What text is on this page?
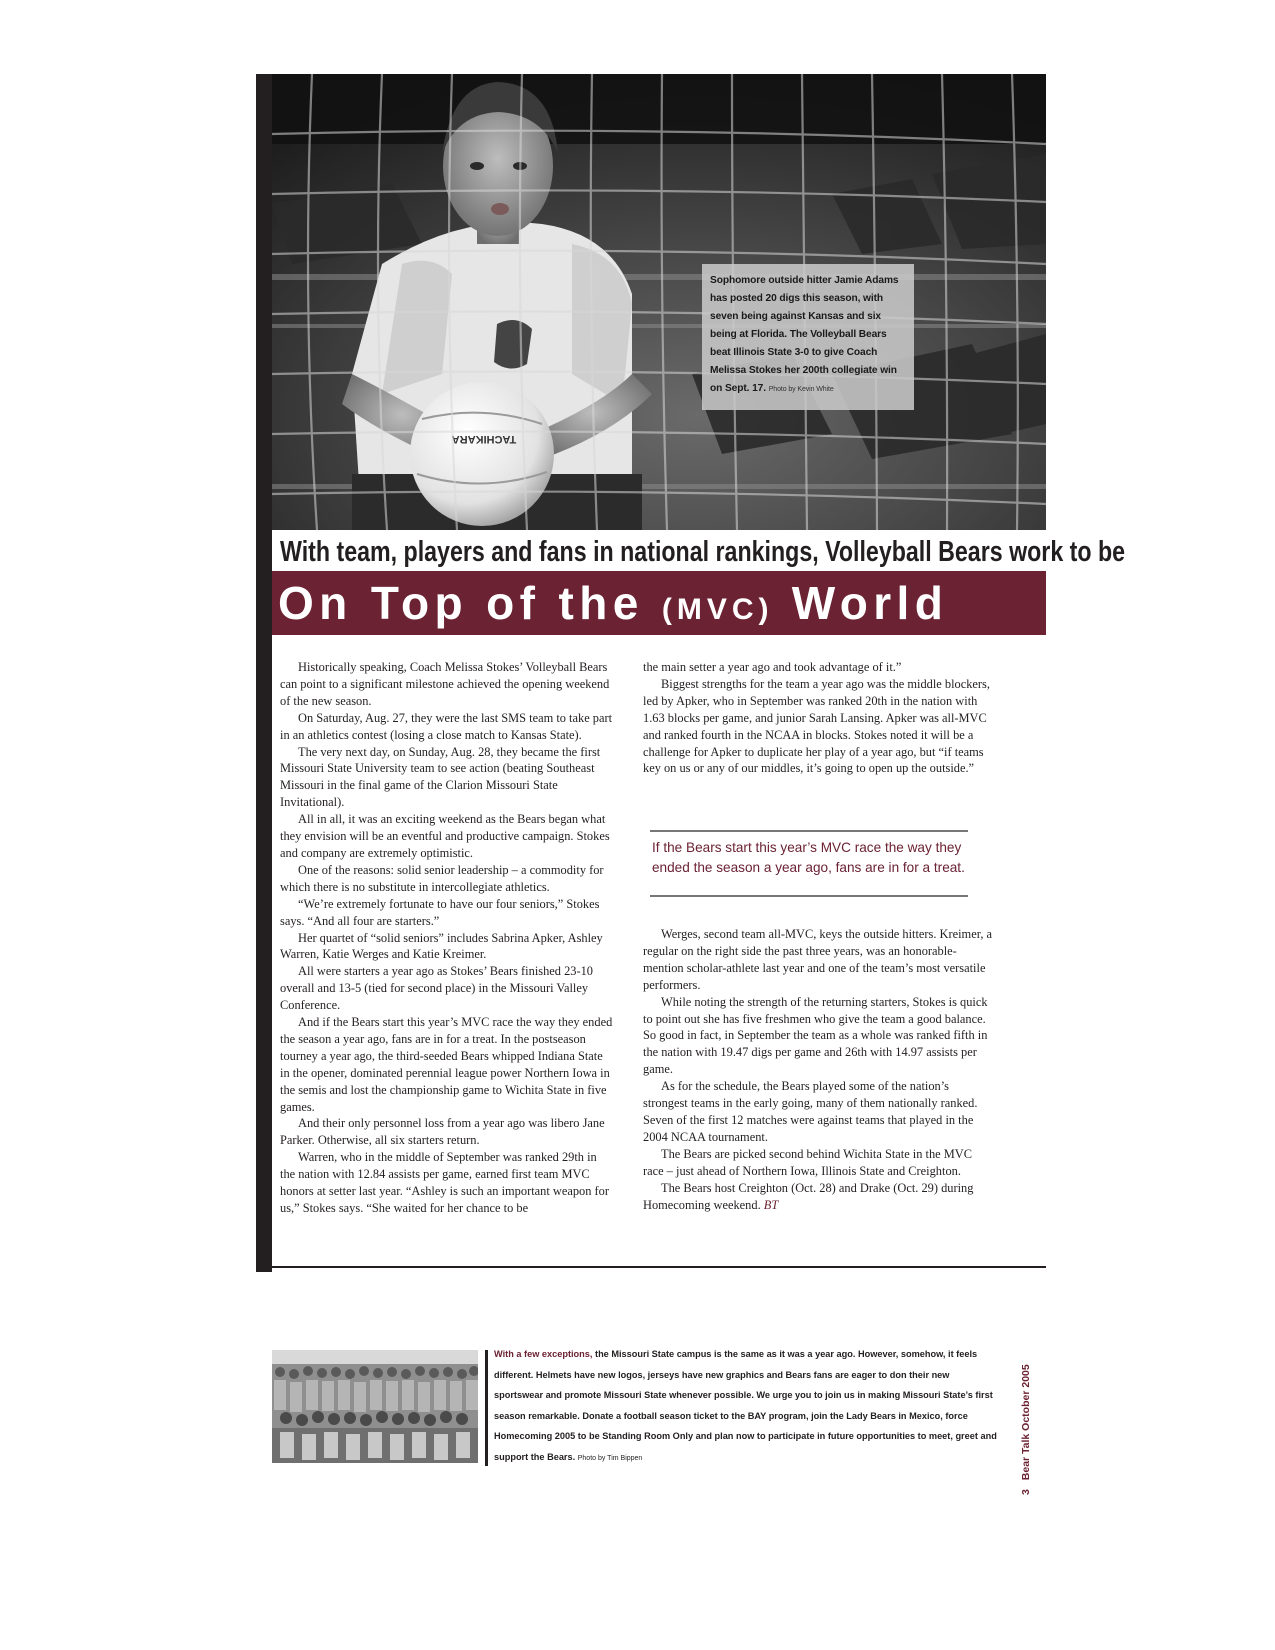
TACHIKARA
Sophomore outside hitter Jamie Adams has posted 20 digs this season, with seven being against Kansas and six being at Florida. The Volleyball Bears beat Illinois State 3-0 to give Coach Melissa Stokes her 200th collegiate win on Sept. 17. Photo by Kevin White
With team, players and fans in national rankings, Volleyball Bears work to be
On Top of the (MVC) World

Historically speaking, Coach Melissa Stokes’ Volleyball Bears can point to a significant milestone achieved the opening weekend of the new season.

On Saturday, Aug. 27, they were the last SMS team to take part in an athletics contest (losing a close match to Kansas State).

The very next day, on Sunday, Aug. 28, they became the first Missouri State University team to see action (beating Southeast Missouri in the final game of the Clarion Missouri State Invitational).

All in all, it was an exciting weekend as the Bears began what they envision will be an eventful and productive campaign. Stokes and company are extremely optimistic.

One of the reasons: solid senior leadership – a commodity for which there is no substitute in intercollegiate athletics.

“We’re extremely fortunate to have our four seniors,” Stokes says. “And all four are starters.”

Her quartet of “solid seniors” includes Sabrina Apker, Ashley Warren, Katie Werges and Katie Kreimer.

All were starters a year ago as Stokes’ Bears finished 23-10 overall and 13-5 (tied for second place) in the Missouri Valley Conference.

And if the Bears start this year’s MVC race the way they ended the season a year ago, fans are in for a treat. In the postseason tourney a year ago, the third-seeded Bears whipped Indiana State in the opener, dominated perennial league power Northern Iowa in the semis and lost the championship game to Wichita State in five games.

And their only personnel loss from a year ago was libero Jane Parker. Otherwise, all six starters return.

Warren, who in the middle of September was ranked 29th in the nation with 12.84 assists per game, earned first team MVC honors at setter last year. “Ashley is such an important weapon for us,” Stokes says. “She waited for her chance to be

the main setter a year ago and took advantage of it.”

Biggest strengths for the team a year ago was the middle blockers, led by Apker, who in September was ranked 20th in the nation with 1.63 blocks per game, and junior Sarah Lansing. Apker was all-MVC and ranked fourth in the NCAA in blocks. Stokes noted it will be a challenge for Apker to duplicate her play of a year ago, but “if teams key on us or any of our middles, it’s going to open up the outside.”

If the Bears start this year’s MVC race the way they ended the season a year ago, fans are in for a treat.

Werges, second team all-MVC, keys the outside hitters. Kreimer, a regular on the right side the past three years, was an honorable-mention scholar-athlete last year and one of the team’s most versatile performers.

While noting the strength of the returning starters, Stokes is quick to point out she has five freshmen who give the team a good balance. So good in fact, in September the team as a whole was ranked fifth in the nation with 19.47 digs per game and 26th with 14.97 assists per game.

As for the schedule, the Bears played some of the nation’s strongest teams in the early going, many of them nationally ranked. Seven of the first 12 matches were against teams that played in the 2004 NCAA tournament.

The Bears are picked second behind Wichita State in the MVC race – just ahead of Northern Iowa, Illinois State and Creighton.

The Bears host Creighton (Oct. 28) and Drake (Oct. 29) during Homecoming weekend. BT

With a few exceptions, the Missouri State campus is the same as it was a year ago. However, somehow, it feels different. Helmets have new logos, jerseys have new graphics and Bears fans are eager to don their new sportswear and promote Missouri State whenever possible. We urge you to join us in making Missouri State’s first season remarkable. Donate a football season ticket to the BAY program, join the Lady Bears in Mexico, force Homecoming 2005 to be Standing Room Only and plan now to participate in future opportunities to meet, greet and support the Bears. Photo by Tim Bippen
3 Bear Talk October 2005
